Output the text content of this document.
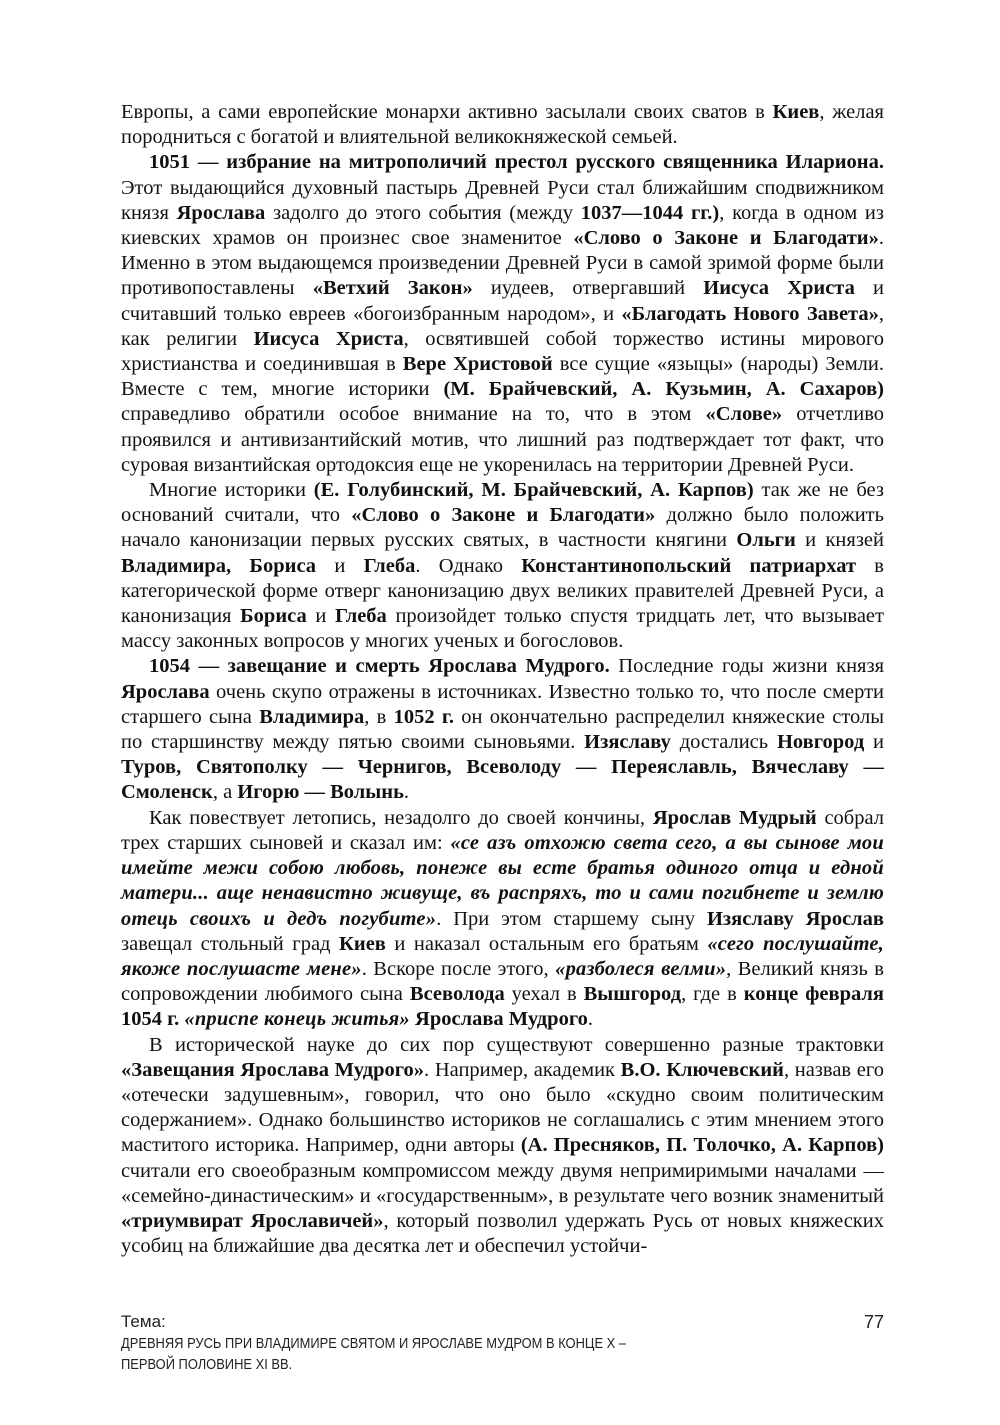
Европы, а сами европейские монархи активно засылали своих сватов в Киев, желая породниться с богатой и влиятельной великокняжеской семьей.

1051 — избрание на митрополичий престол русского священника Илариона. Этот выдающийся духовный пастырь Древней Руси стал ближайшим сподвижником князя Ярослава задолго до этого события (между 1037—1044 гг.), когда в одном из киевских храмов он произнес свое знаменитое «Слово о Законе и Благодати». Именно в этом выдающемся произведении Древней Руси в самой зримой форме были противопоставлены «Ветхий Закон» иудеев, отвергавший Иисуса Христа и считавший только евреев «богоизбранным народом», и «Благодать Нового Завета», как религии Иисуса Христа, освятившей собой торжество истины мирового христианства и соединившая в Вере Христовой все сущие «языцы» (народы) Земли. Вместе с тем, многие историки (М. Брайчевский, А. Кузьмин, А. Сахаров) справедливо обратили особое внимание на то, что в этом «Слове» отчетливо проявился и антивизантийский мотив, что лишний раз подтверждает тот факт, что суровая византийская ортодоксия еще не укоренилась на территории Древней Руси.

Многие историки (Е. Голубинский, М. Брайчевский, А. Карпов) так же не без оснований считали, что «Слово о Законе и Благодати» должно было положить начало канонизации первых русских святых, в частности княгини Ольги и князей Владимира, Бориса и Глеба. Однако Константинопольский патриархат в категорической форме отверг канонизацию двух великих правителей Древней Руси, а канонизация Бориса и Глеба произойдет только спустя тридцать лет, что вызывает массу законных вопросов у многих ученых и богословов.

1054 — завещание и смерть Ярослава Мудрого. Последние годы жизни князя Ярослава очень скупо отражены в источниках. Известно только то, что после смерти старшего сына Владимира, в 1052 г. он окончательно распределил княжеские столы по старшинству между пятью своими сыновьями. Изяславу достались Новгород и Туров, Святополку — Чернигов, Всеволоду — Переяславль, Вячеславу — Смоленск, а Игорю — Волынь.

Как повествует летопись, незадолго до своей кончины, Ярослав Мудрый собрал трех старших сыновей и сказал им: «се азъ отхожю света сего, а вы сынове мои имейте межи собою любовь, понеже вы есте братья одиного отца и едной матери... аще ненавистно живуще, въ распряхъ, то и сами погибнете и землю отець своихъ и дедъ погубите». При этом старшему сыну Изяславу Ярослав завещал стольный град Киев и наказал остальным его братьям «сего послушайте, якоже послушасте мене». Вскоре после этого, «разболеся велми», Великий князь в сопровождении любимого сына Всеволода уехал в Вышгород, где в конце февраля 1054 г. «приспе конець житья» Ярослава Мудрого.

В исторической науке до сих пор существуют совершенно разные трактовки «Завещания Ярослава Мудрого». Например, академик В.О. Ключевский, назвав его «отечески задушевным», говорил, что оно было «скудно своим политическим содержанием». Однако большинство историков не соглашались с этим мнением этого маститого историка. Например, одни авторы (А. Пресняков, П. Толочко, А. Карпов) считали его своеобразным компромиссом между двумя непримиримыми началами — «семейно-династическим» и «государственным», в результате чего возник знаменитый «триумвират Ярославичей», который позволил удержать Русь от новых княжеских усобиц на ближайшие два десятка лет и обеспечил устойчи-

Тема:
ДРЕВНЯЯ РУСЬ ПРИ ВЛАДИМИРЕ СВЯТОМ И ЯРОСЛАВЕ МУДРОМ В КОНЦЕ X –
ПЕРВОЙ ПОЛОВИНЕ XI ВВ.
77
